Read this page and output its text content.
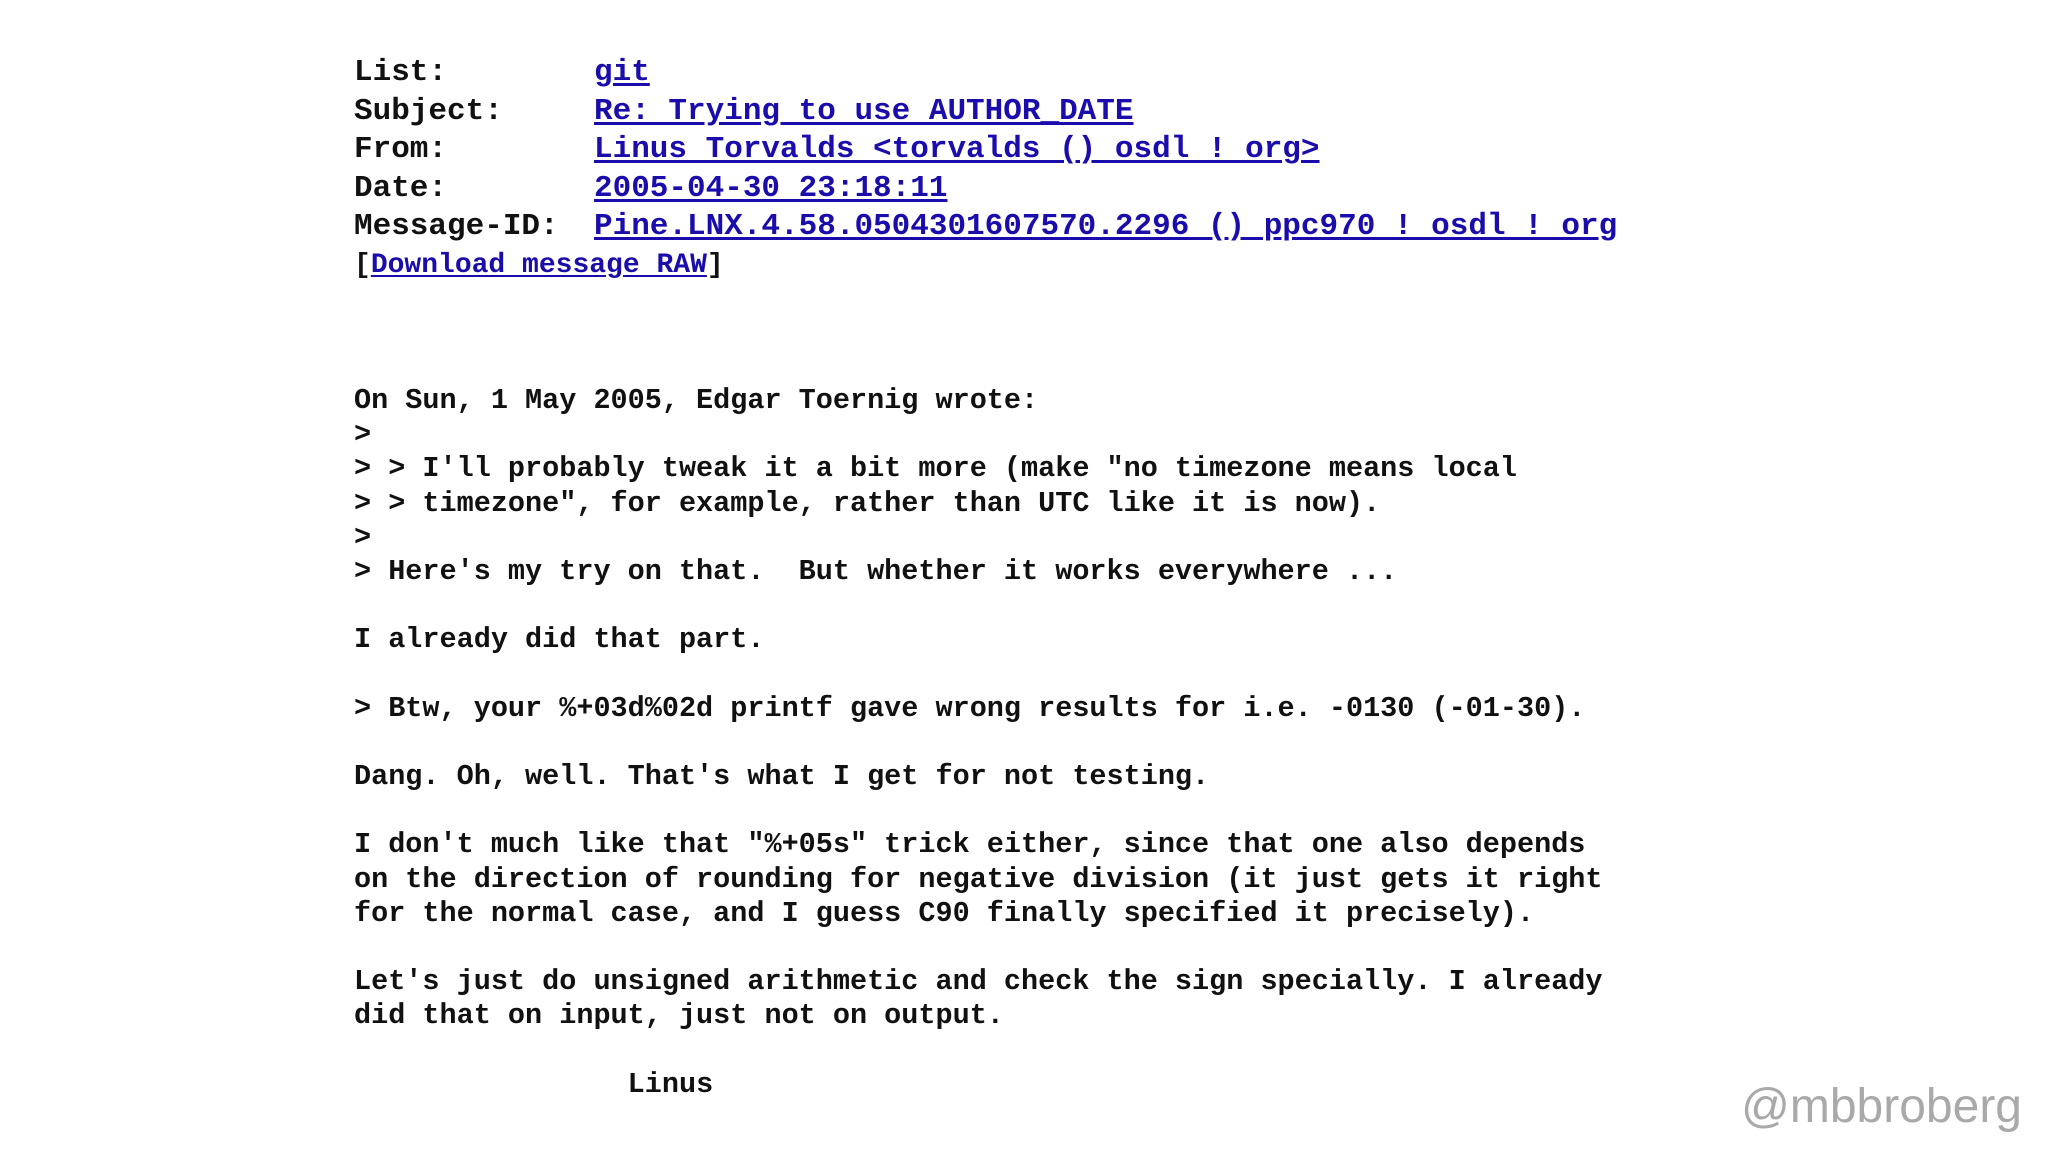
List:	git
Subject:	Re: Trying to use AUTHOR_DATE
From:	Linus Torvalds <torvalds () osdl ! org>
Date:	2005-04-30 23:18:11
Message-ID:	Pine.LNX.4.58.0504301607570.2296 () ppc970 ! osdl ! org
[Download message RAW]
On Sun, 1 May 2005, Edgar Toernig wrote:
>
> > I'll probably tweak it a bit more (make "no timezone means local
> > timezone", for example, rather than UTC like it is now).
>
> Here's my try on that.  But whether it works everywhere ...
I already did that part.
> Btw, your %+03d%02d printf gave wrong results for i.e. -0130 (-01-30).
Dang. Oh, well. That's what I get for not testing.
I don't much like that "%+05s" trick either, since that one also depends
on the direction of rounding for negative division (it just gets it right
for the normal case, and I guess C90 finally specified it precisely).
Let's just do unsigned arithmetic and check the sign specially. I already
did that on input, just not on output.
		Linus	@mbbroberg
